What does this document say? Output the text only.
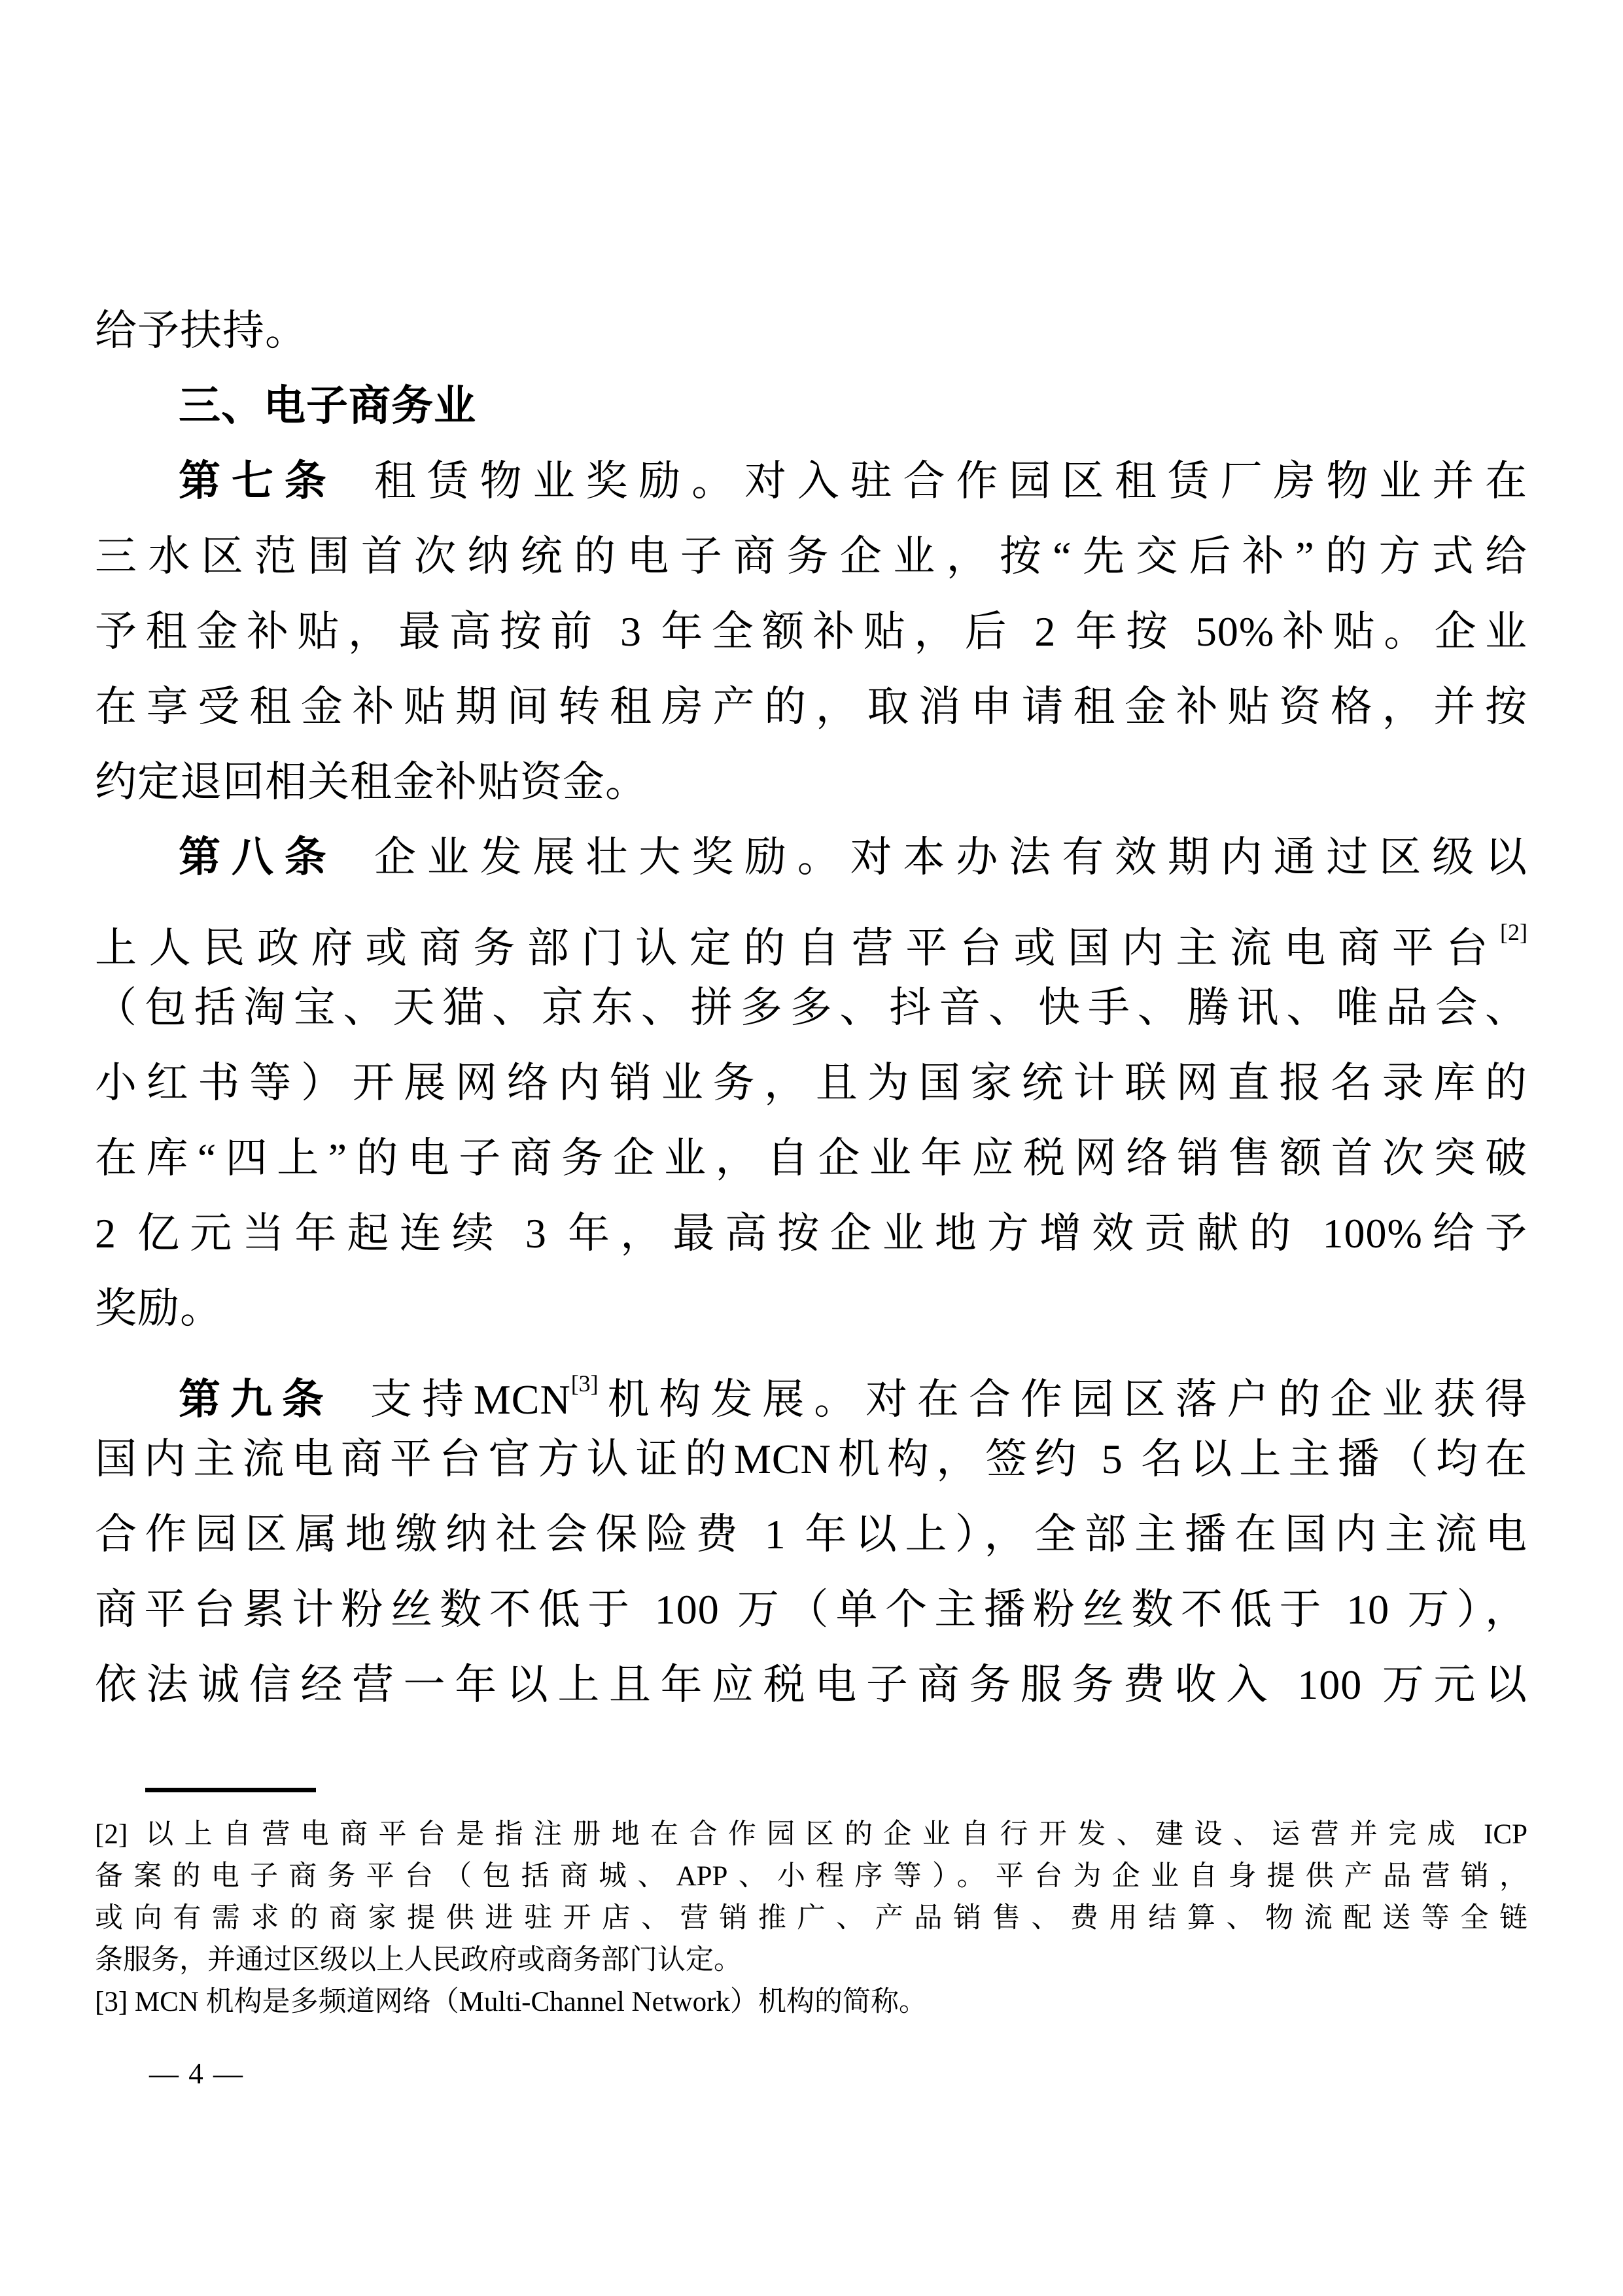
给予扶持。
三、电子商务业
第七条 租赁物业奖励。对入驻合作园区租赁厂房物业并在
三水区范围首次纳统的电子商务企业，按“先交后补”的方式给
予租金补贴，最高按前 3 年全额补贴，后 2 年按 50%补贴。企业
在享受租金补贴期间转租房产的，取消申请租金补贴资格，并按
约定退回相关租金补贴资金。
第八条 企业发展壮大奖励。对本办法有效期内通过区级以
上人民政府或商务部门认定的自营平台或国内主流电商平台[2]
（包括淘宝、天猫、京东、拼多多、抖音、快手、腾讯、唯品会、
小红书等）开展网络内销业务，且为国家统计联网直报名录库的
在库“四上”的电子商务企业，自企业年应税网络销售额首次突破
2 亿元当年起连续 3 年，最高按企业地方增效贡献的 100%给予
奖励。
第九条 支持MCN[3]机构发展。对在合作园区落户的企业获得
国内主流电商平台官方认证的MCN机构，签约 5 名以上主播（均在
合作园区属地缴纳社会保险费 1 年以上），全部主播在国内主流电
商平台累计粉丝数不低于 100 万（单个主播粉丝数不低于 10 万），
依法诚信经营一年以上且年应税电子商务服务费收入 100 万元以
[2] 以上自营电商平台是指注册地在合作园区的企业自行开发、建设、运营并完成 ICP
备案的电子商务平台（包括商城、APP、小程序等）。平台为企业自身提供产品营销，
或向有需求的商家提供进驻开店、营销推广、产品销售、费用结算、物流配送等全链
条服务，并通过区级以上人民政府或商务部门认定。
[3] MCN 机构是多频道网络（Multi-Channel Network）机构的简称。
— 4 —
